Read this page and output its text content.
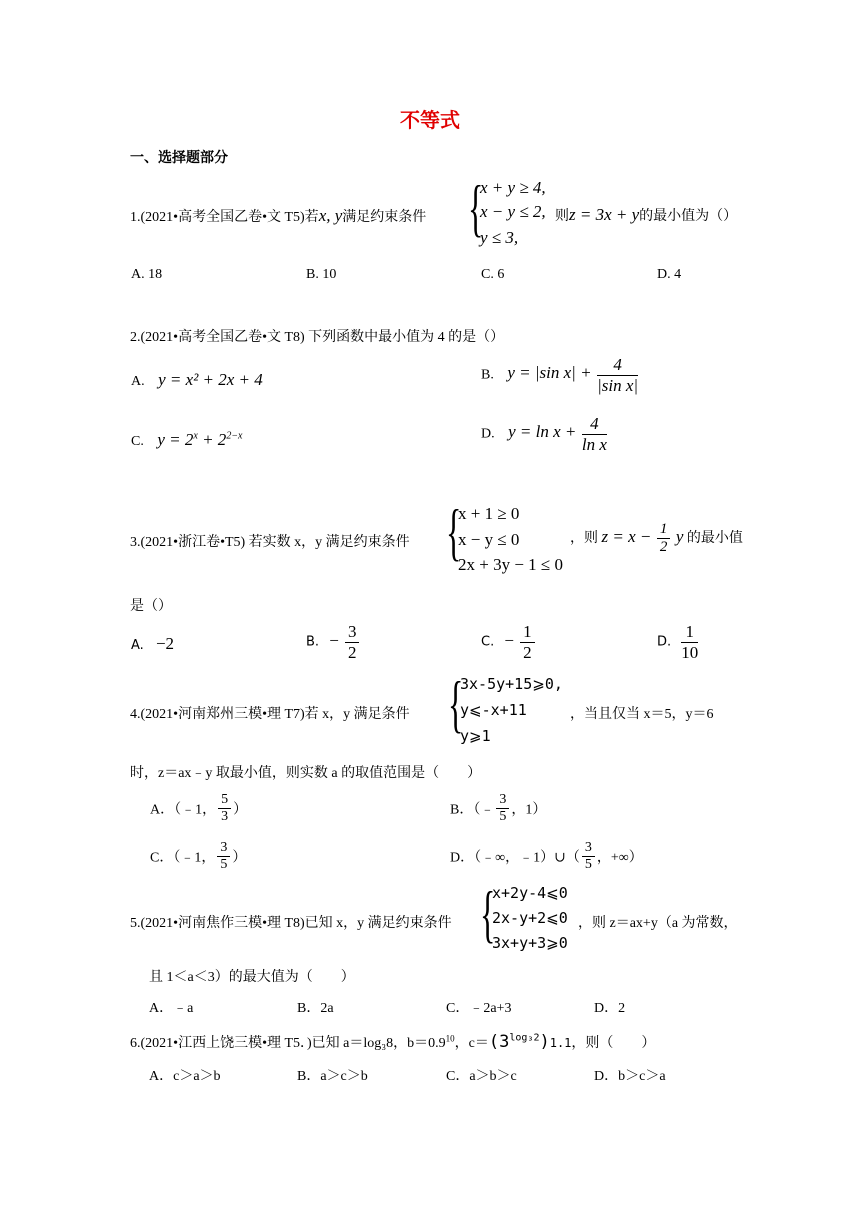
不等式
一、选择题部分
1.(2021•高考全国乙卷•文 T5)若x, y满足约束条件 {
x + y ≥ 4,
x − y ≤ 2,
y ≤ 3,
则z = 3x + y的最小值为（）
A. 18	B. 10	C. 6	D. 4
2.(2021•高考全国乙卷•文 T8) 下列函数中最小值为 4 的是（）
A. y = x² + 2x + 4	B. y = |sin $x| + \frac{4}{\text{|sin x|}}$
C. $y = 2^x + 2^{2-x}$	D. $y = \ln x + \frac{4}{\text{ln x}}$
3.(2021•浙江卷•T5) 若实数 x，y 满足约束条件 {
x + 1 ≥ 0
x − y ≤ 0
2x + 3y − 1 ≤ 0
，则 $z = x - \frac{1}{2}$ y 的最小值
是（）
A. −2	B. − $\frac{3}{2}$	C. − $\frac{1}{2}$	D. $\frac{1}{10}$
4.(2021•河南郑州三模•理 T7)若 x，y 满足条件 {
3x-5y+15⩾0,
y⩽-x+11
y⩾1
，当且仅当 x＝5，y＝6
时，z＝ax﹣y 取最小值，则实数 a 的取值范围是（　　）
A．（﹣1， $\frac{5}{3}$ ）	B．（﹣ $\frac{3}{5}$ ，1）
C．（﹣1， $\frac{3}{5}$ ）	D．（﹣∞，﹣1）∪（ $\frac{3}{5}$ ，+∞）
5.(2021•河南焦作三模•理 T8)已知 x，y 满足约束条件 {
x+2y-4⩽0
2x-y+2⩽0
3x+y+3⩾0
，则 z＝ax+y（a 为常数，
且 1＜a＜3）的最大值为（　　）
A．﹣a	B．2a	C．﹣2a+3	D．2
6.(2021•江西上饶三模•理 T5．)已知 a＝log₃8，$b=0.9^{10}$，$c=(3^{log_32})1.1$，则（　　）
A．c＞a＞b	B．a＞c＞b	C．a＞b＞c	D．b＞c＞a
